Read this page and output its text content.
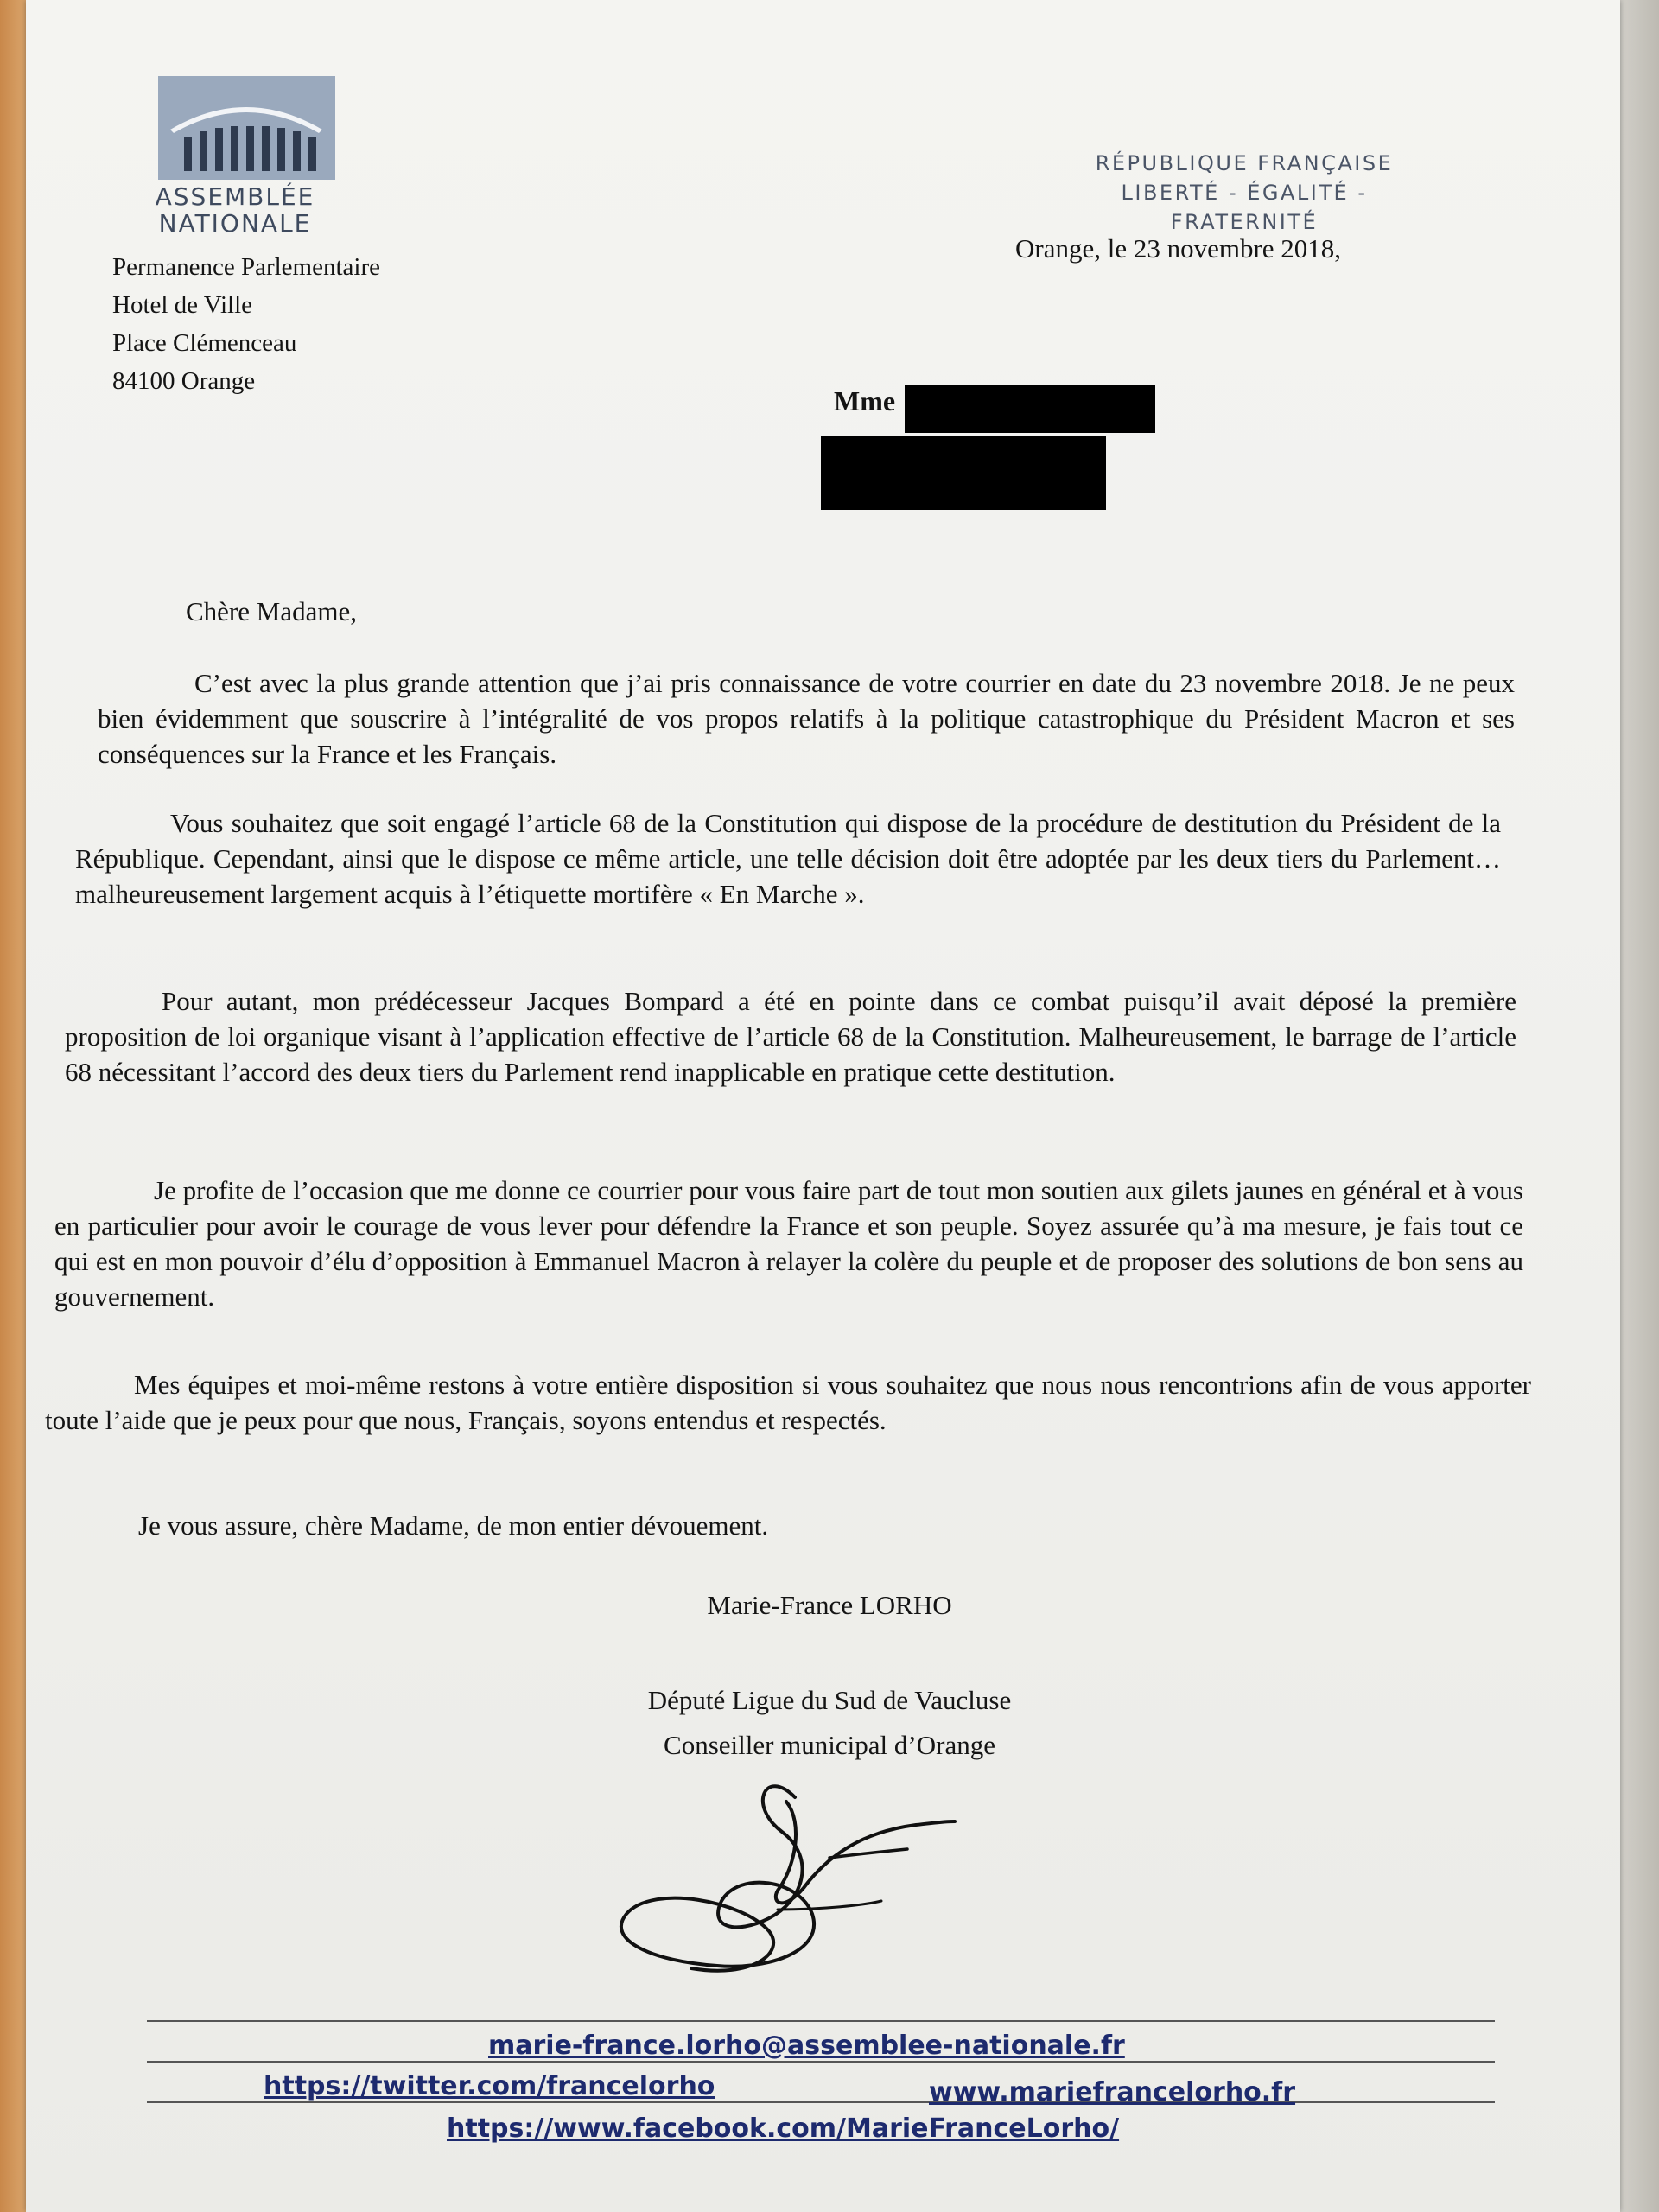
ASSEMBLÉE
NATIONALE
Permanence Parlementaire
Hotel de Ville
Place Clémenceau
84100 Orange
RÉPUBLIQUE FRANÇAISE
LIBERTÉ - ÉGALITÉ - FRATERNITÉ
Orange, le 23 novembre 2018,
Mme
Chère Madame,
C’est avec la plus grande attention que j’ai pris connaissance de votre courrier en date du 23 novembre 2018. Je ne peux bien évidemment que souscrire à l’intégralité de vos propos relatifs à la politique catastrophique du Président Macron et ses conséquences sur la France et les Français.
Vous souhaitez que soit engagé l’article 68 de la Constitution qui dispose de la procédure de destitution du Président de la République. Cependant, ainsi que le dispose ce même article, une telle décision doit être adoptée par les deux tiers du Parlement… malheureusement largement acquis à l’étiquette mortifère « En Marche ».
Pour autant, mon prédécesseur Jacques Bompard a été en pointe dans ce combat puisqu’il avait déposé la première proposition de loi organique visant à l’application effective de l’article 68 de la Constitution. Malheureusement, le barrage de l’article 68 nécessitant l’accord des deux tiers du Parlement rend inapplicable en pratique cette destitution.
Je profite de l’occasion que me donne ce courrier pour vous faire part de tout mon soutien aux gilets jaunes en général et à vous en particulier pour avoir le courage de vous lever pour défendre la France et son peuple. Soyez assurée qu’à ma mesure, je fais tout ce qui est en mon pouvoir d’élu d’opposition à Emmanuel Macron à relayer la colère du peuple et de proposer des solutions de bon sens au gouvernement.
Mes équipes et moi-même restons à votre entière disposition si vous souhaitez que nous nous rencontrions afin de vous apporter toute l’aide que je peux pour que nous, Français, soyons entendus et respectés.
Je vous assure, chère Madame, de mon entier dévouement.
Marie-France LORHO
Député Ligue du Sud de Vaucluse
Conseiller municipal d’Orange
marie-france.lorho@assemblee-nationale.fr
https://twitter.com/francelorho	www.mariefrancelorho.fr
https://www.facebook.com/MarieFranceLorho/
